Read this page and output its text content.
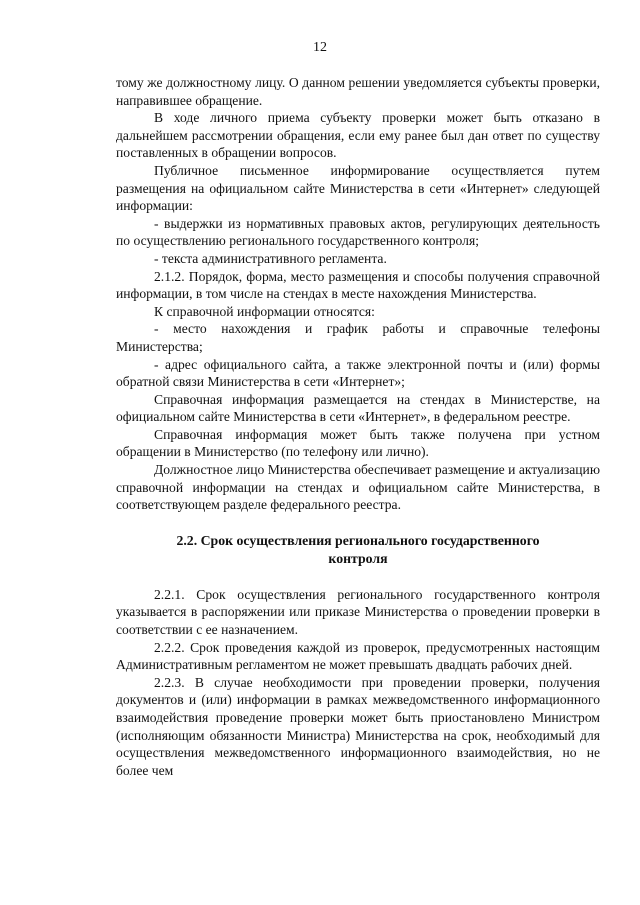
12

тому же должностному лицу. О данном решении уведомляется субъекты проверки, направившее обращение.

В ходе личного приема субъекту проверки может быть отказано в дальнейшем рассмотрении обращения, если ему ранее был дан ответ по существу поставленных в обращении вопросов.

Публичное письменное информирование осуществляется путем размещения на официальном сайте Министерства в сети «Интернет» следующей информации:

- выдержки из нормативных правовых актов, регулирующих деятельность по осуществлению регионального государственного контроля;

- текста административного регламента.

2.1.2. Порядок, форма, место размещения и способы получения справочной информации, в том числе на стендах в месте нахождения Министерства.

К справочной информации относятся:

- место нахождения и график работы и справочные телефоны Министерства;

- адрес официального сайта, а также электронной почты и (или) формы обратной связи Министерства в сети «Интернет»;

Справочная информация размещается на стендах в Министерстве, на официальном сайте Министерства в сети «Интернет», в федеральном реестре.

Справочная информация может быть также получена при устном обращении в Министерство (по телефону или лично).

Должностное лицо Министерства обеспечивает размещение и актуализацию справочной информации на стендах и официальном сайте Министерства, в соответствующем разделе федерального реестра.

2.2. Срок осуществления регионального государственного
контроля

2.2.1. Срок осуществления регионального государственного контроля указывается в распоряжении или приказе Министерства о проведении проверки в соответствии с ее назначением.

2.2.2. Срок проведения каждой из проверок, предусмотренных настоящим Административным регламентом не может превышать двадцать рабочих дней.

2.2.3. В случае необходимости при проведении проверки, получения документов и (или) информации в рамках межведомственного информационного взаимодействия проведение проверки может быть приостановлено Министром (исполняющим обязанности Министра) Министерства на срок, необходимый для осуществления межведомственного информационного взаимодействия, но не более чем
